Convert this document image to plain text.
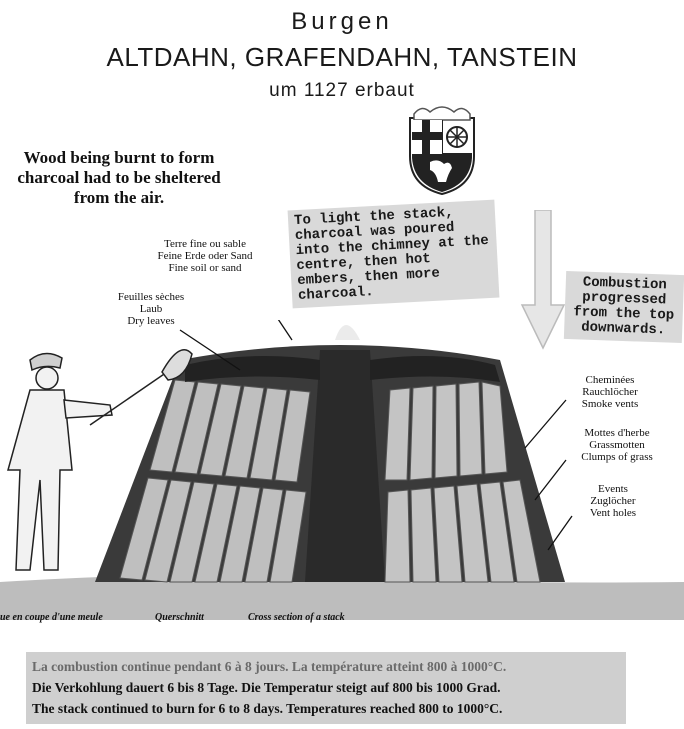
Burgen
ALTDAHN, GRAFENDAHN, TANSTEIN
um 1127 erbaut

Wood being burnt to form charcoal had to be sheltered from the air.
To light the stack, charcoal was poured into the chimney at the centre, then hot embers, then more charcoal.
Combustion progressed from the top downwards.
Terre fine ou sable
Feine Erde oder Sand
Fine soil or sand
Feuilles sèches
Laub
Dry leaves
Cheminées
Rauchlöcher
Smoke vents
Mottes d'herbe
Grassmotten
Clumps of grass
Events
Zuglöcher
Vent holes
ue en coupe d'une meule	Querschnitt	Cross section of a stack
La combustion continue pendant 6 à 8 jours. La température atteint 800 à 1000°C.
Die Verkohlung dauert 6 bis 8 Tage. Die Temperatur steigt auf 800 bis 1000 Grad.
The stack continued to burn for 6 to 8 days. Temperatures reached 800 to 1000°C.
